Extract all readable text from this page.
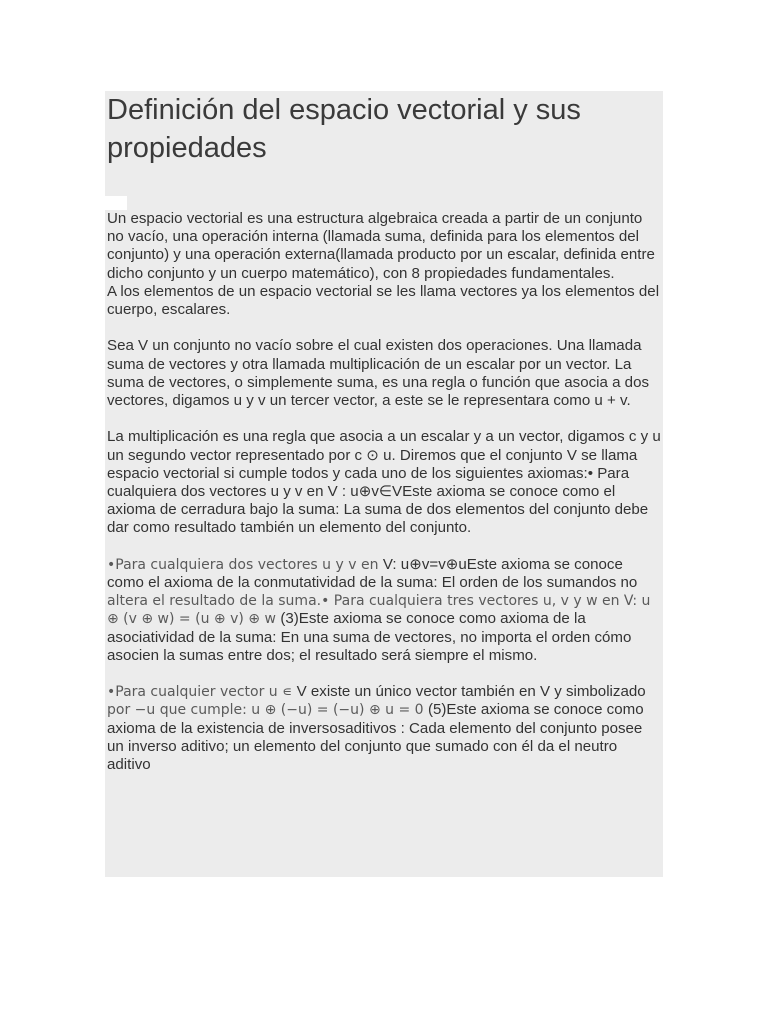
Definición del espacio vectorial y sus propiedades

Un espacio vectorial es una estructura algebraica creada a partir de un conjunto no vacío, una operación interna (llamada suma, definida para los elementos del conjunto) y una operación externa(llamada producto por un escalar, definida entre dicho conjunto y un cuerpo matemático), con 8 propiedades fundamentales.

A los elementos de un espacio vectorial se les llama vectores ya los elementos del cuerpo, escalares.

Sea V un conjunto no vacío sobre el cual existen dos operaciones. Una llamada suma de vectores y otra llamada multiplicación de un escalar por un vector. La suma de vectores, o simplemente suma, es una regla o función que asocia a dos vectores, digamos u y v un tercer vector, a este se le representara como u + v.

La multiplicación es una regla que asocia a un escalar y a un vector, digamos c y u un segundo vector representado por c ⊙ u. Diremos que el conjunto V se llama espacio vectorial si cumple todos y cada uno de los siguientes axiomas:• Para cualquiera dos vectores u y v en V : u⊕v∈VEste axioma se conoce como el axioma de cerradura bajo la suma: La suma de dos elementos del conjunto debe dar como resultado también un elemento del conjunto.

•Para cualquiera dos vectores u y v en V: u⊕v=v⊕uEste axioma se conoce como el axioma de la conmutatividad de la suma: El orden de los sumandos no altera el resultado de la suma.• Para cualquiera tres vectores u, v y w en V: u ⊕ (v ⊕ w) = (u ⊕ v) ⊕ w (3)Este axioma se conoce como axioma de la asociatividad de la suma: En una suma de vectores, no importa el orden cómo asocien la sumas entre dos; el resultado será siempre el mismo.

•Para cualquier vector u ∊ V existe un único vector también en V y simbolizado por −u que cumple: u ⊕ (−u) = (−u) ⊕ u = 0 (5)Este axioma se conoce como axioma de la existencia de inversosaditivos : Cada elemento del conjunto posee un inverso aditivo; un elemento del conjunto que sumado con él da el neutro aditivo
